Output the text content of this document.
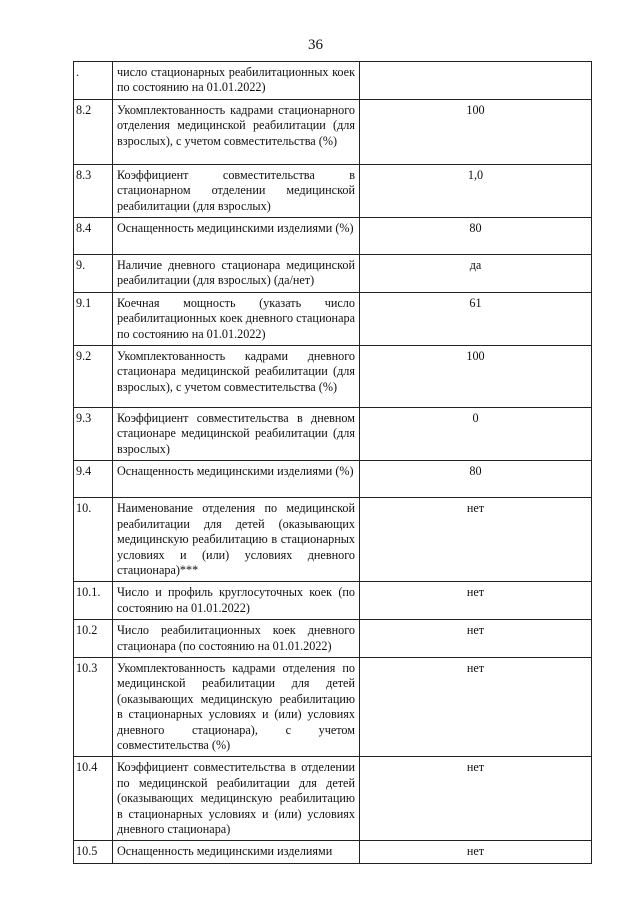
36
.	число стационарных реабилитационных коек по состоянию на 01.01.2022)	
8.2	Укомплектованность кадрами стационарного отделения медицинской реабилитации (для взрослых), с учетом совместительства (%)	100
8.3	Коэффициент совместительства в стационарном отделении медицинской реабилитации (для взрослых)	1,0
8.4	Оснащенность медицинскими изделиями (%)	80
9.	Наличие дневного стационара медицинской реабилитации (для взрослых) (да/нет)	да
9.1	Коечная мощность (указать число реабилитационных коек дневного стационара по состоянию на 01.01.2022)	61
9.2	Укомплектованность кадрами дневного стационара медицинской реабилитации (для взрослых), с учетом совместительства (%)	100
9.3	Коэффициент совместительства в дневном стационаре медицинской реабилитации (для взрослых)	0
9.4	Оснащенность медицинскими изделиями (%)	80
10.	Наименование отделения по медицинской реабилитации для детей (оказывающих медицинскую реабилитацию в стационарных условиях и (или) условиях дневного стационара)***	нет
10.1.	Число и профиль круглосуточных коек (по состоянию на 01.01.2022)	нет
10.2	Число реабилитационных коек дневного стационара (по состоянию на 01.01.2022)	нет
10.3	Укомплектованность кадрами отделения по медицинской реабилитации для детей (оказывающих медицинскую реабилитацию в стационарных условиях и (или) условиях дневного стационара), с учетом совместительства (%)	нет
10.4	Коэффициент совместительства в отделении по медицинской реабилитации для детей (оказывающих медицинскую реабилитацию в стационарных условиях и (или) условиях дневного стационара)	нет
10.5	Оснащенность медицинскими изделиями	нет
